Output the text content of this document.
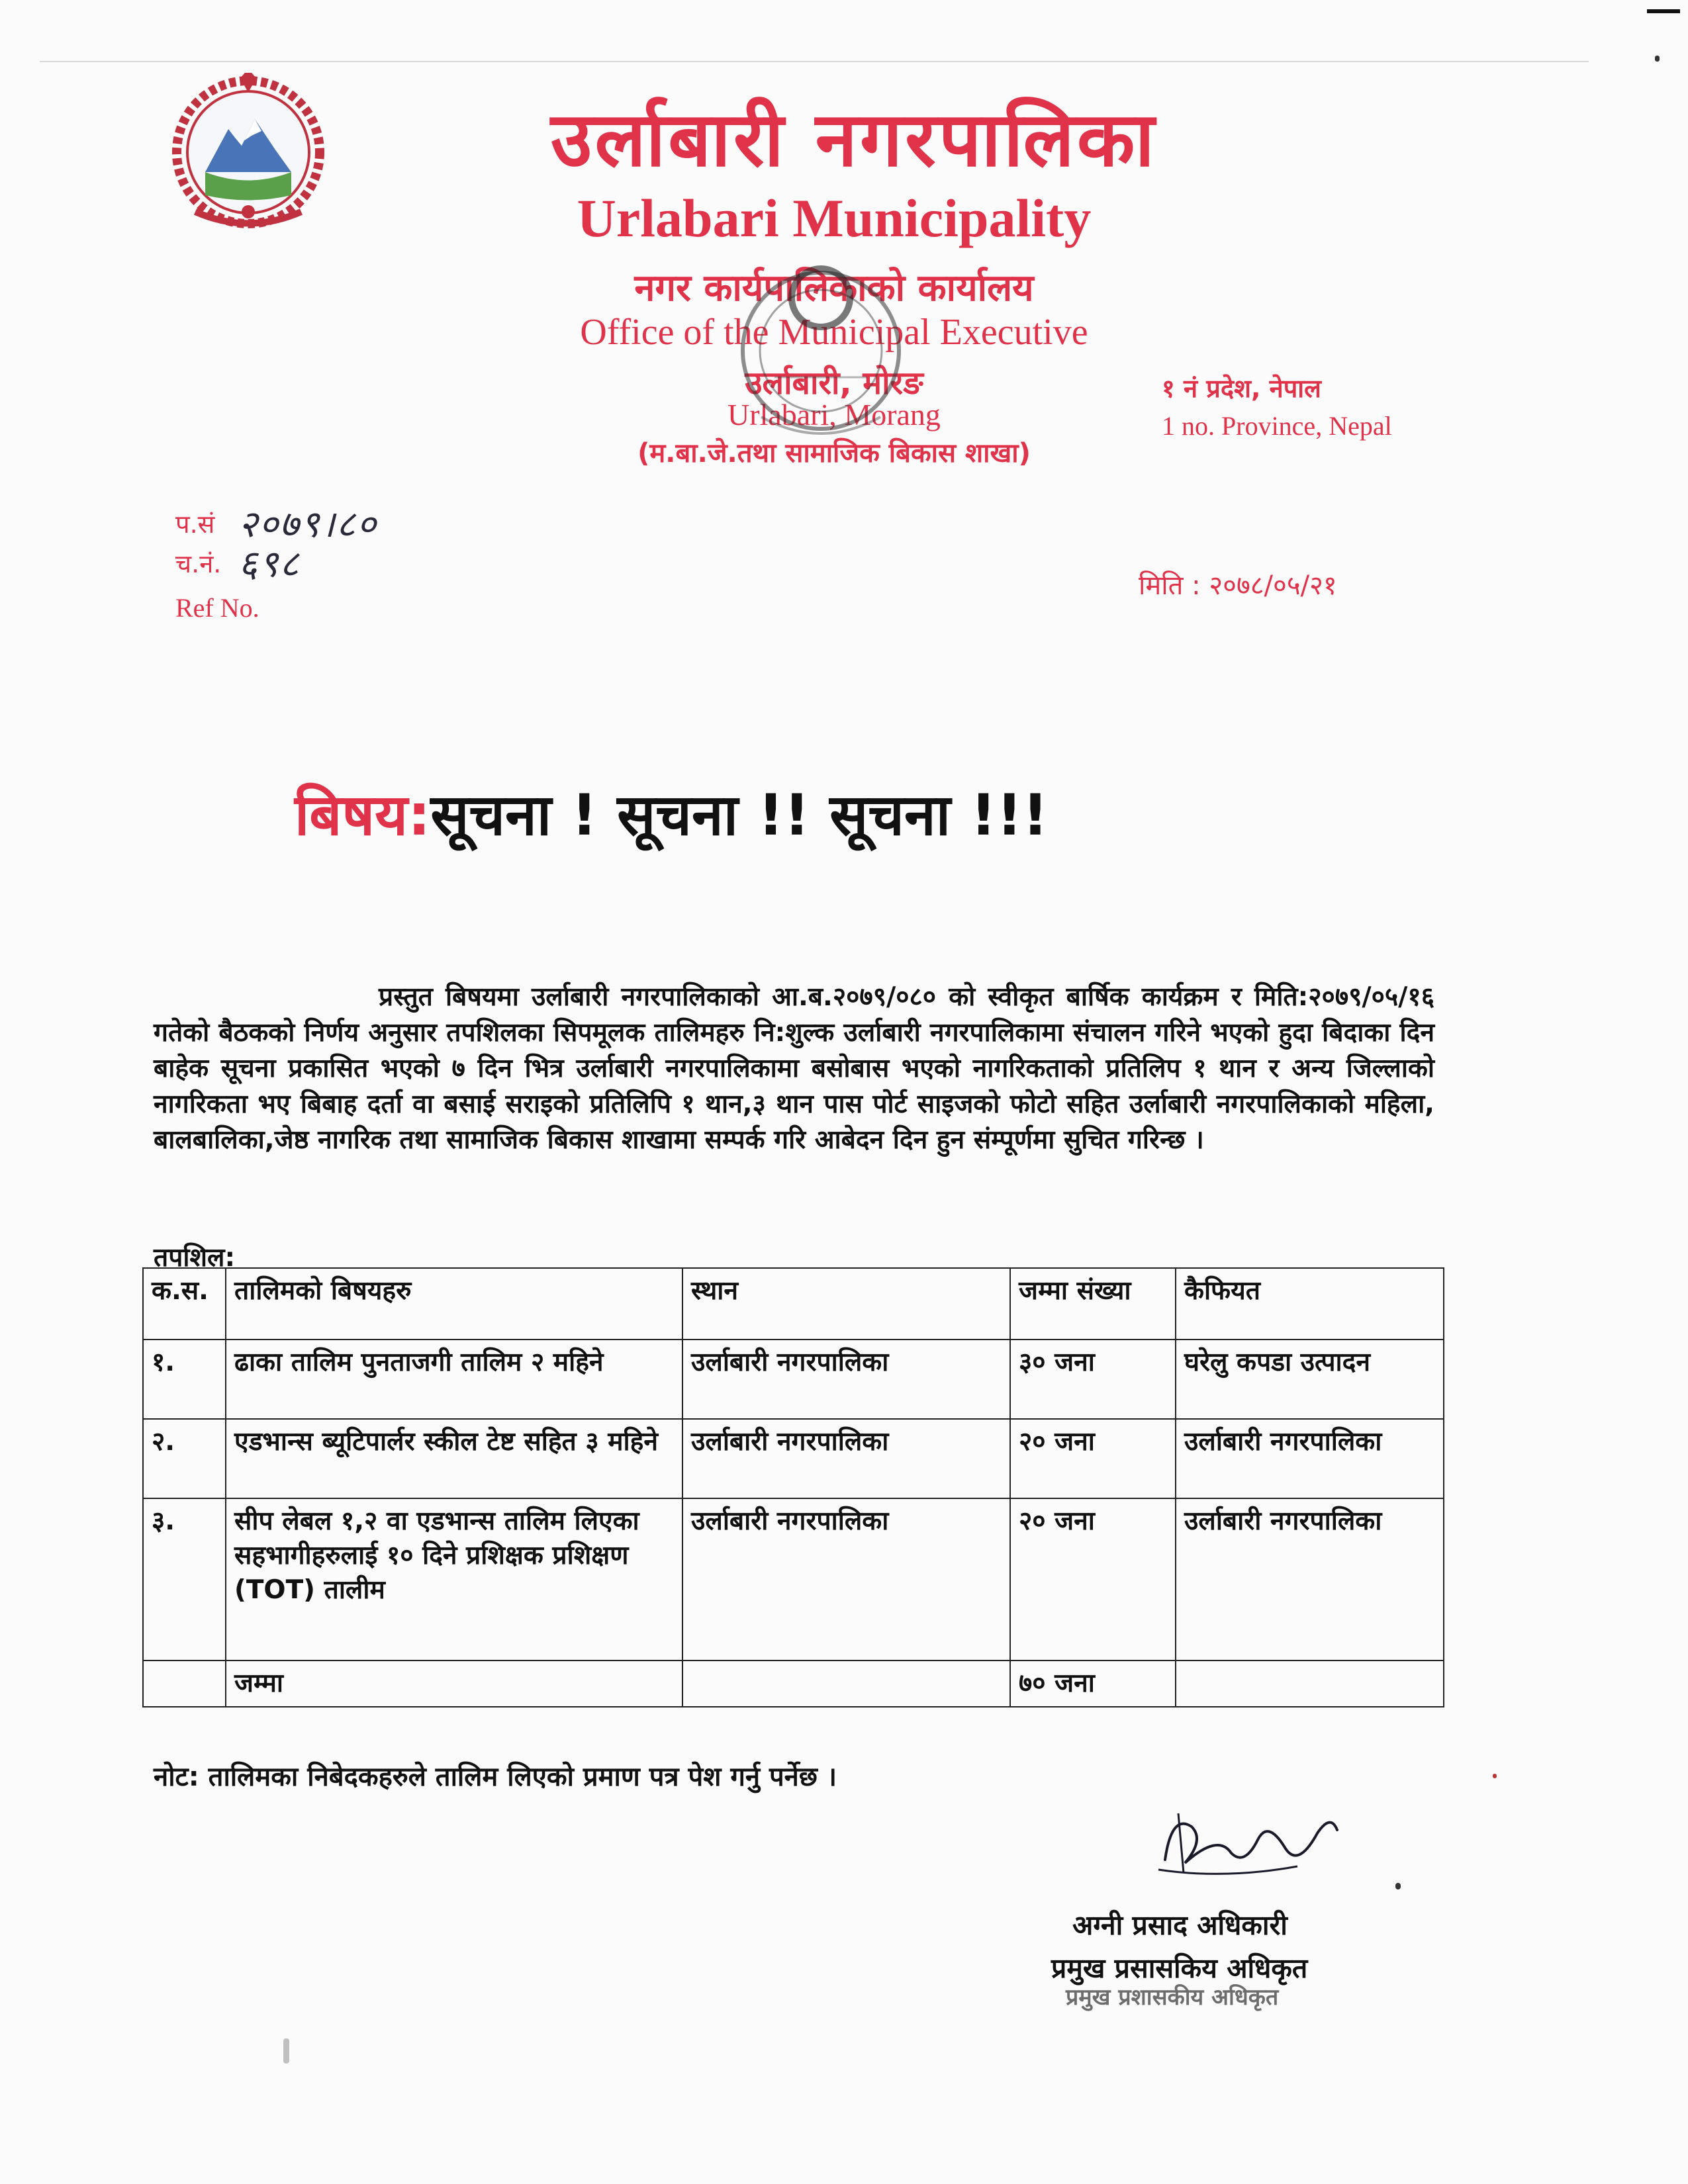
उर्लाबारी नगरपालिका
Urlabari Municipality
नगर कार्यपालिकाको कार्यालय
Office of the Municipal Executive
उर्लाबारी, मोरङ
Urlabari, Morang
(म.बा.जे.तथा सामाजिक बिकास शाखा)
१ नं प्रदेश, नेपाल
1 no. Province, Nepal
प.सं २०७९।८०
च.नं. ६९८
Ref No.
मिति : २०७८/०५/२१
बिषय:सूचना ! सूचना !! सूचना !!!
प्रस्तुत बिषयमा उर्लाबारी नगरपालिकाको आ.ब.२०७९/०८० को स्वीकृत बार्षिक कार्यक्रम र मिति:२०७९/०५/१६ गतेको बैठकको निर्णय अनुसार तपशिलका सिपमूलक तालिमहरु नि:शुल्क उर्लाबारी नगरपालिकामा संचालन गरिने भएको हुदा बिदाका दिन बाहेक सूचना प्रकासित भएको ७ दिन भित्र उर्लाबारी नगरपालिकामा बसोबास भएको नागरिकताको प्रतिलिप १ थान र अन्य जिल्लाको नागरिकता भए बिबाह दर्ता वा बसाई सराइको प्रतिलिपि १ थान,३ थान पास पोर्ट साइजको फोटो सहित उर्लाबारी नगरपालिकाको महिला, बालबालिका,जेष्ठ नागरिक तथा सामाजिक बिकास शाखामा सम्पर्क गरि आबेदन दिन हुन संम्पूर्णमा सुचित गरिन्छ ।
तपशिल:
क.स.	तालिमको बिषयहरु	स्थान	जम्मा संख्या	कैफियत
१.	ढाका तालिम पुनताजगी तालिम २ महिने	उर्लाबारी नगरपालिका	३० जना	घरेलु कपडा उत्पादन
२.	एडभान्स ब्यूटिपार्लर स्कील टेष्ट सहित ३ महिने	उर्लाबारी नगरपालिका	२० जना	उर्लाबारी नगरपालिका
३.	सीप लेबल १,२ वा एडभान्स तालिम लिएका सहभागीहरुलाई १० दिने प्रशिक्षक प्रशिक्षण (TOT) तालीम	उर्लाबारी नगरपालिका	२० जना	उर्लाबारी नगरपालिका
	जम्मा		७० जना	
नोट: तालिमका निबेदकहरुले तालिम लिएको प्रमाण पत्र पेश गर्नु पर्नेछ ।
अग्नी प्रसाद अधिकारी
प्रमुख प्रसासकिय अधिकृत
प्रमुख प्रशासकीय अधिकृत
